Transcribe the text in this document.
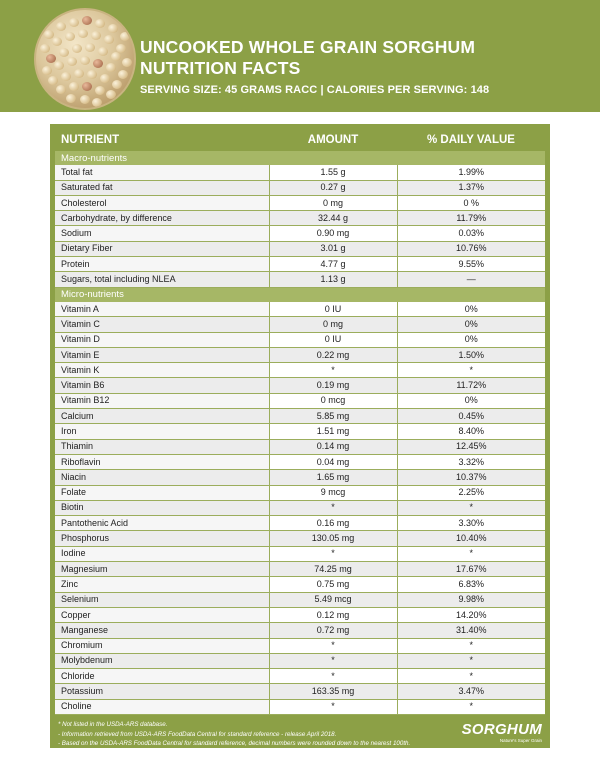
UNCOOKED WHOLE GRAIN SORGHUM
NUTRITION FACTS
SERVING SIZE: 45 GRAMS RACC | CALORIES PER SERVING: 148
NUTRIENT	AMOUNT	% DAILY VALUE
Macro-nutrients		
Total fat	1.55 g	1.99%
Saturated fat	0.27 g	1.37%
Cholesterol	0 mg	0 %
Carbohydrate, by difference	32.44 g	11.79%
Sodium	0.90 mg	0.03%
Dietary Fiber	3.01 g	10.76%
Protein	4.77 g	9.55%
Sugars, total including NLEA	1.13 g	—
Micro-nutrients		
Vitamin A	0 IU	0%
Vitamin C	0 mg	0%
Vitamin D	0 IU	0%
Vitamin E	0.22 mg	1.50%
Vitamin K	*	*
Vitamin B6	0.19 mg	11.72%
Vitamin B12	0 mcg	0%
Calcium	5.85 mg	0.45%
Iron	1.51 mg	8.40%
Thiamin	0.14 mg	12.45%
Riboflavin	0.04 mg	3.32%
Niacin	1.65 mg	10.37%
Folate	9 mcg	2.25%
Biotin	*	*
Pantothenic Acid	0.16 mg	3.30%
Phosphorus	130.05 mg	10.40%
Iodine	*	*
Magnesium	74.25 mg	17.67%
Zinc	0.75 mg	6.83%
Selenium	5.49 mcg	9.98%
Copper	0.12 mg	14.20%
Manganese	0.72 mg	31.40%
Chromium	*	*
Molybdenum	*	*
Chloride	*	*
Potassium	163.35 mg	3.47%
Choline	*	*
* Not listed in the USDA-ARS database.
- Information retrieved from USDA-ARS FoodData Central for standard reference - release April 2018.
- Based on the USDA-ARS FoodData Central for standard reference, decimal numbers were rounded down to the nearest 100th.
SORGHUM
Nature's Super Grain
